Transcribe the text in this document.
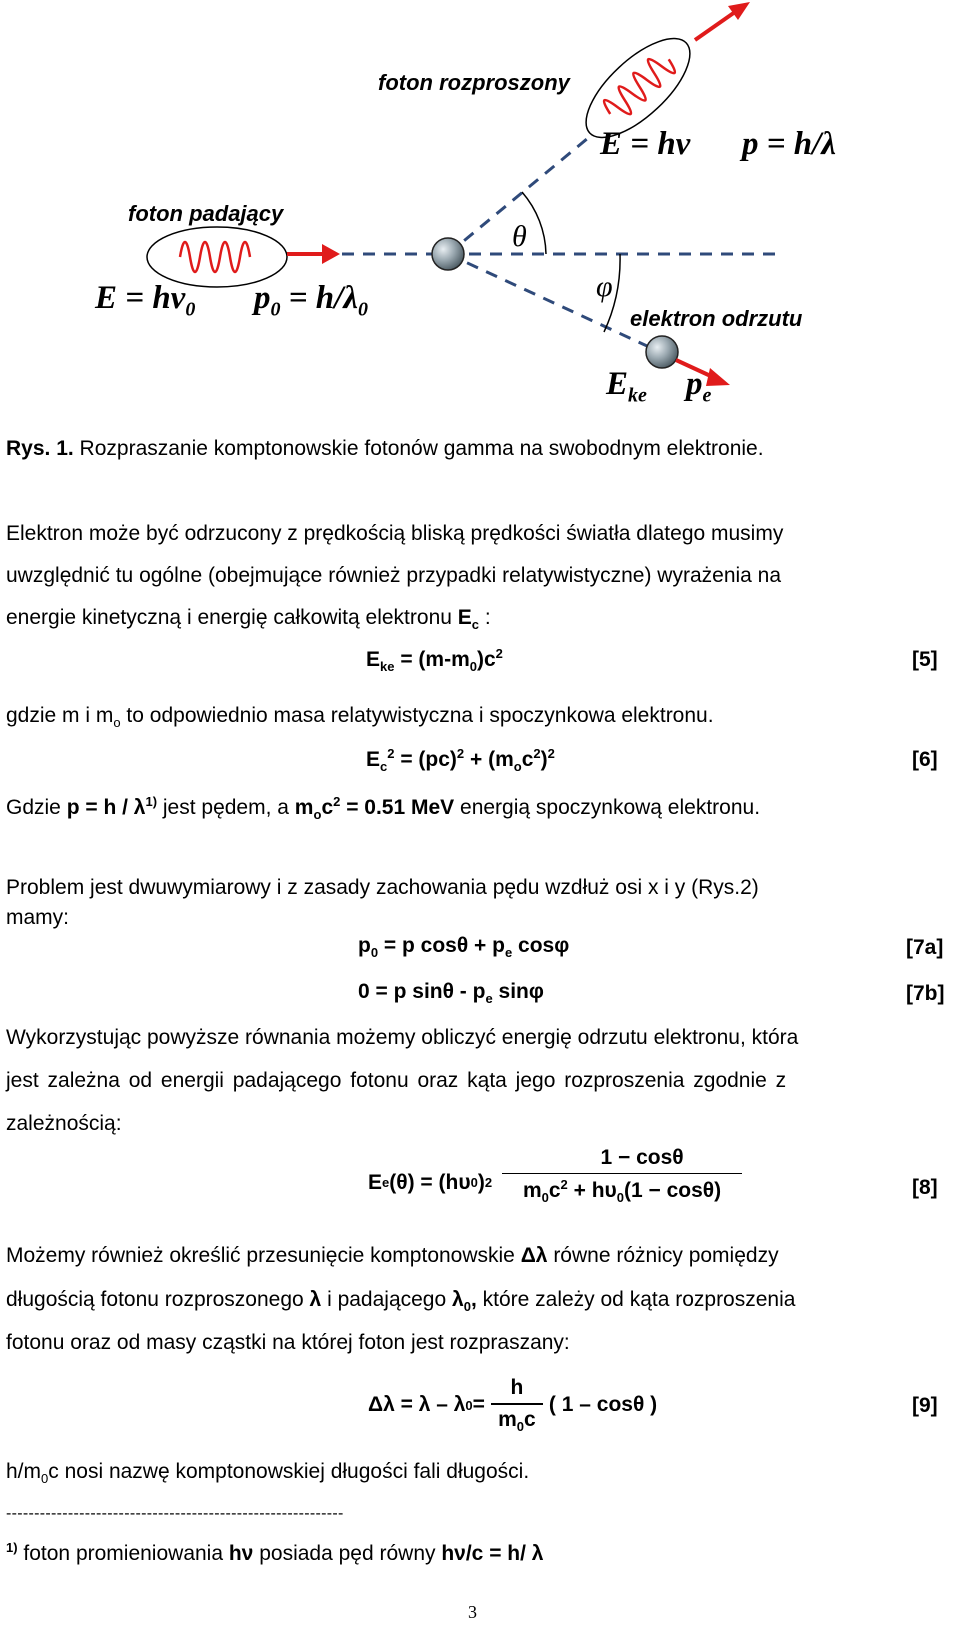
foton rozproszony
foton padający
elektron odrzutu
θ
φ
E = hν p = h/λ
$E = h\nu_0$ $p_0 = h/\lambda_0$
$E_{ke}$ $p_e$
Rys. 1. Rozpraszanie komptonowskie fotonów gamma na swobodnym elektronie.
Elektron może być odrzucony z prędkością bliską prędkości światła dlatego musimy
uwzględnić tu ogólne (obejmujące również przypadki relatywistyczne) wyrażenia na
energie kinetyczną i energię całkowitą elektronu $E_c$ :
$E_{ke} = (m-m_0)c^2$	[5]
gdzie m i $m_o$ to odpowiednio masa relatywistyczna i spoczynkowa elektronu.
$E_c^2 = (pc)^2 + (m_oc^2)^2$	[6]
Gdzie $p = h / \lambda^{1)}$ jest pędem, a $m_oc^2 = 0.51$ MeV energią spoczynkową elektronu.
Problem jest dwuwymiarowy i z zasady zachowania pędu wzdłuż osi x i y (Rys.2)
mamy:
$p_0 = p$ $\cos\theta + p_e$ cosφ	[7a]
0 = p sinθ - $p_e$ sinφ	[7b]
Wykorzystując powyższe równania możemy obliczyć energię odrzutu elektronu, która
jest zależna od energii padającego fotonu oraz kąta jego rozproszenia zgodnie z
zależnością:
E e (θ) = (hυ 0 ) $2 \frac{1 - \cos\theta}{m_0c^2 + h\upsilon_0(1 - \cos\theta)}$	[8]
Możemy również określić przesunięcie komptonowskie Δλ równe różnicy pomiędzy
długością fotonu rozproszonego λ i padającego $\lambda_0$, które zależy od kąta rozproszenia
fotonu oraz od masy cząstki na której foton jest rozpraszany:
Δλ = λ – λ $0 = \frac{h}{m_0c}$ ( 1 – cosθ )	[9]
$h/m_0c$ nosi nazwę komptonowskiej długości fali długości.
------------------------------------------------------------
$^{1)}$ foton promieniowania hν posiada pęd równy hν/c = h/ λ
3
